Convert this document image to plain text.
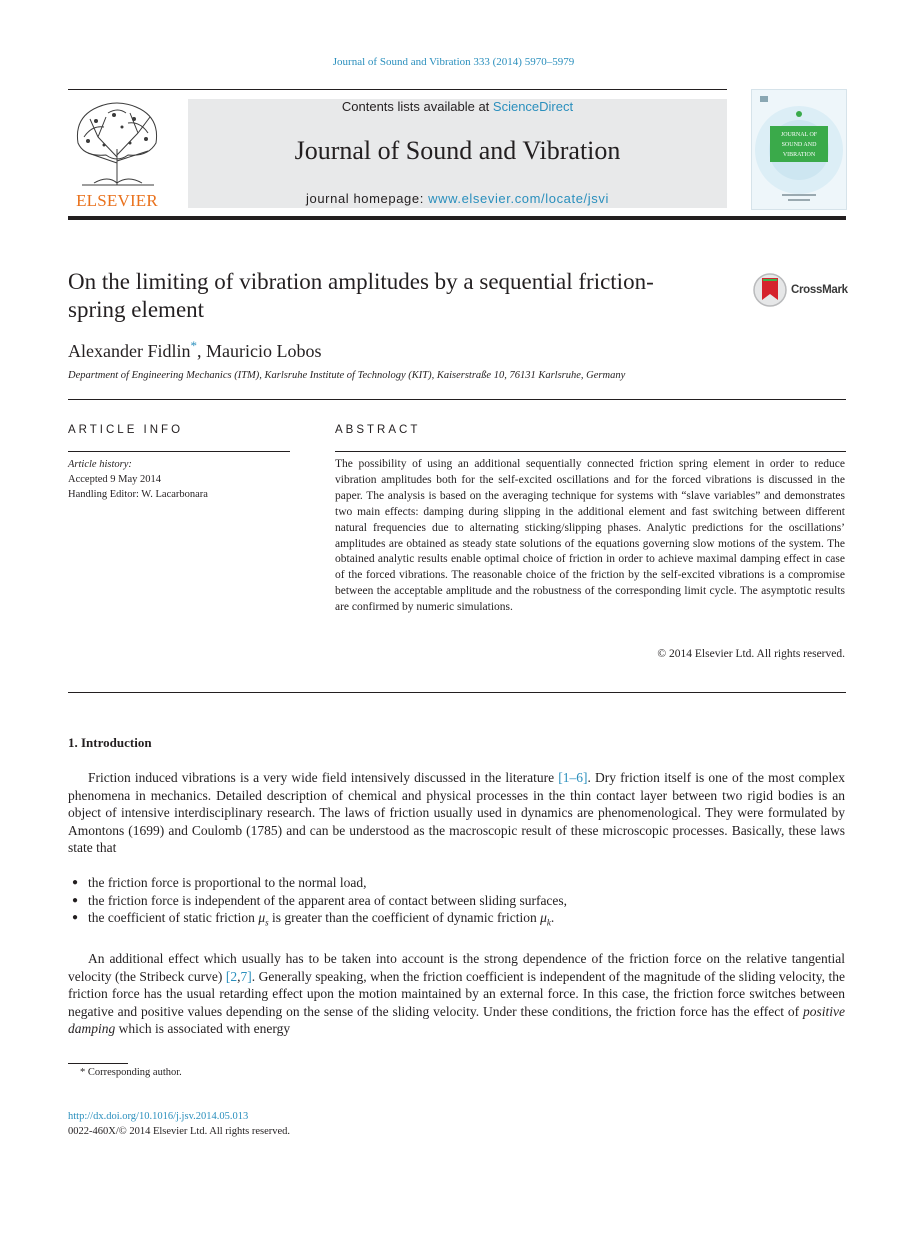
Journal of Sound and Vibration 333 (2014) 5970–5979
ELSEVIER
Contents lists available at ScienceDirect
Journal of Sound and Vibration
journal homepage: www.elsevier.com/locate/jsvi
JOURNAL OF
SOUND AND
VIBRATION
On the limiting of vibration amplitudes by a sequential friction-spring element
CrossMark
Alexander Fidlin*, Mauricio Lobos
Department of Engineering Mechanics (ITM), Karlsruhe Institute of Technology (KIT), Kaiserstraße 10, 76131 Karlsruhe, Germany
ARTICLE INFO	ABSTRACT
Article history:
Accepted 9 May 2014
Handling Editor: W. Lacarbonara
The possibility of using an additional sequentially connected friction spring element in order to reduce vibration amplitudes both for the self-excited oscillations and for the forced vibrations is discussed in the paper. The analysis is based on the averaging technique for systems with “slave variables” and demonstrates two main effects: damping during slipping in the additional element and fast switching between different natural frequencies due to alternating sticking/slipping phases. Analytic predictions for the oscillations’ amplitudes are obtained as steady state solutions of the equations governing slow motions of the system. The obtained analytic results enable optimal choice of friction in order to achieve maximal damping effect in case of the forced vibrations. The reasonable choice of the friction by the self-excited vibrations is a compromise between the acceptable amplitude and the robustness of the corresponding limit cycle. The asymptotic results are confirmed by numeric simulations.
© 2014 Elsevier Ltd. All rights reserved.
1. Introduction
Friction induced vibrations is a very wide field intensively discussed in the literature [1–6]. Dry friction itself is one of the most complex phenomena in mechanics. Detailed description of chemical and physical processes in the thin contact layer between two rigid bodies is an object of intensive interdisciplinary research. The laws of friction usually used in dynamics are phenomenological. They were formulated by Amontons (1699) and Coulomb (1785) and can be understood as the macroscopic result of these microscopic processes. Basically, these laws state that
● the friction force is proportional to the normal load,
● the friction force is independent of the apparent area of contact between sliding surfaces,
● the coefficient of static friction $\mu_s$ is greater than the coefficient of dynamic friction $\mu_k$.
An additional effect which usually has to be taken into account is the strong dependence of the friction force on the relative tangential velocity (the Stribeck curve) [2,7]. Generally speaking, when the friction coefficient is independent of the magnitude of the sliding velocity, the friction force has the usual retarding effect upon the motion maintained by an external force. In this case, the friction force switches between negative and positive values depending on the sense of the sliding velocity. Under these conditions, the friction force has the effect of positive damping which is associated with energy
* Corresponding author.
http://dx.doi.org/10.1016/j.jsv.2014.05.013
0022-460X/© 2014 Elsevier Ltd. All rights reserved.
